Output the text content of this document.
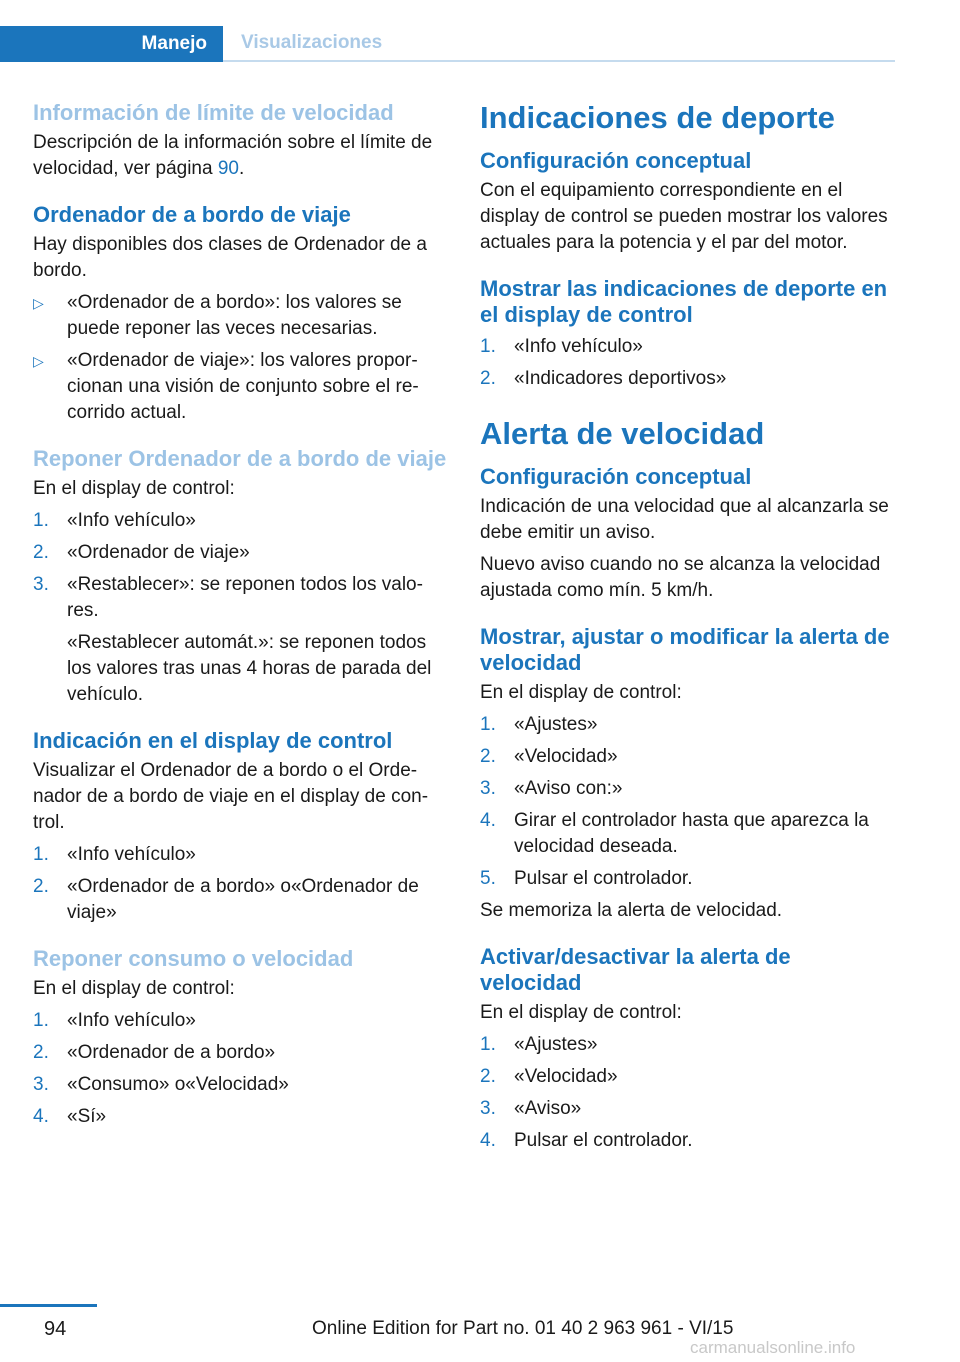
Manejo Visualizaciones
Información de límite de velocidad

Descripción de la información sobre el límite de velocidad, ver página 90.

Ordenador de a bordo de viaje

Hay disponibles dos clases de Ordenador de a bordo.

▷ «Ordenador de a bordo»: los valores se puede reponer las veces necesarias.
▷ «Ordenador de viaje»: los valores proporcionan una visión de conjunto sobre el recorrido actual.
Reponer Ordenador de a bordo de viaje

En el display de control:

1. «Info vehículo»
2. «Ordenador de viaje»
3. «Restablecer»: se reponen todos los valores.
«Restablecer automát.»: se reponen todos los valores tras unas 4 horas de parada del vehículo.
Indicación en el display de control

Visualizar el Ordenador de a bordo o el Ordenador de a bordo de viaje en el display de control.

1. «Info vehículo»
2. «Ordenador de a bordo» o«Ordenador de viaje»
Reponer consumo o velocidad

En el display de control:

1. «Info vehículo»
2. «Ordenador de a bordo»
3. «Consumo» o«Velocidad»
4. «Sí»
Indicaciones de deporte
Configuración conceptual

Con el equipamiento correspondiente en el display de control se pueden mostrar los valores actuales para la potencia y el par del motor.

Mostrar las indicaciones de deporte en el display de control
1. «Info vehículo»
2. «Indicadores deportivos»
Alerta de velocidad
Configuración conceptual

Indicación de una velocidad que al alcanzarla se debe emitir un aviso.

Nuevo aviso cuando no se alcanza la velocidad ajustada como mín. 5 km/h.

Mostrar, ajustar o modificar la alerta de velocidad

En el display de control:

1. «Ajustes»
2. «Velocidad»
3. «Aviso con:»
4. Girar el controlador hasta que aparezca la velocidad deseada.
5. Pulsar el controlador.

Se memoriza la alerta de velocidad.

Activar/desactivar la alerta de velocidad

En el display de control:

1. «Ajustes»
2. «Velocidad»
3. «Aviso»
4. Pulsar el controlador.
94	Online Edition for Part no. 01 40 2 963 961 - VI/15
carmanualsonline.info
